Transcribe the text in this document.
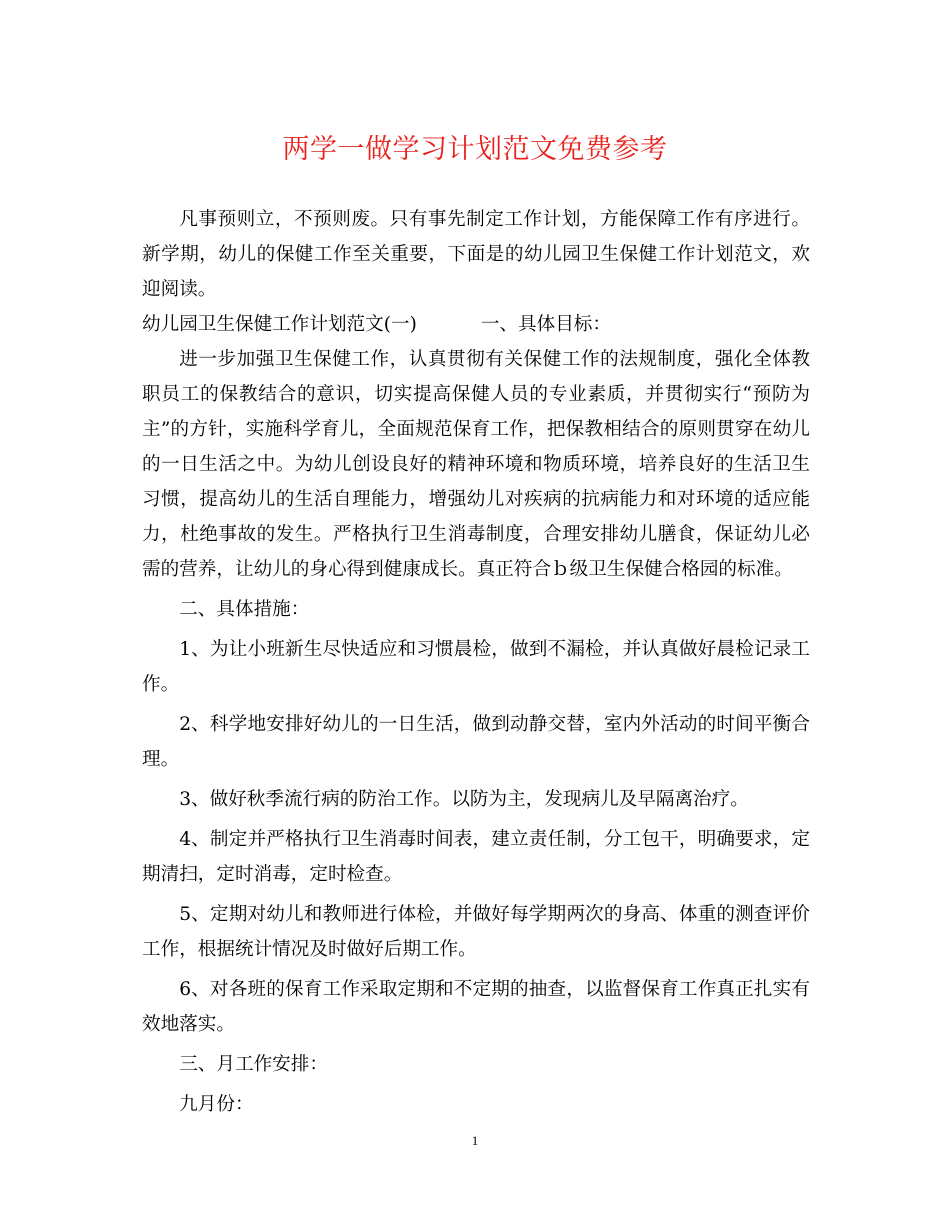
两学一做学习计划范文免费参考

凡事预则立，不预则废。只有事先制定工作计划，方能保障工作有序进行。新学期，幼儿的保健工作至关重要，下面是的幼儿园卫生保健工作计划范文，欢迎阅读。

幼儿园卫生保健工作计划范文(一)	一、具体目标：

进一步加强卫生保健工作，认真贯彻有关保健工作的法规制度，强化全体教职员工的保教结合的意识，切实提高保健人员的专业素质，并贯彻实行“预防为主”的方针，实施科学育儿，全面规范保育工作，把保教相结合的原则贯穿在幼儿的一日生活之中。为幼儿创设良好的精神环境和物质环境，培养良好的生活卫生习惯，提高幼儿的生活自理能力，增强幼儿对疾病的抗病能力和对环境的适应能力，杜绝事故的发生。严格执行卫生消毒制度，合理安排幼儿膳食，保证幼儿必需的营养，让幼儿的身心得到健康成长。真正符合ｂ级卫生保健合格园的标准。

二、具体措施：

1、为让小班新生尽快适应和习惯晨检，做到不漏检，并认真做好晨检记录工作。

2、科学地安排好幼儿的一日生活，做到动静交替，室内外活动的时间平衡合理。

3、做好秋季流行病的防治工作。以防为主，发现病儿及早隔离治疗。

4、制定并严格执行卫生消毒时间表，建立责任制，分工包干，明确要求，定期清扫，定时消毒，定时检查。

5、定期对幼儿和教师进行体检，并做好每学期两次的身高、体重的测查评价工作，根据统计情况及时做好后期工作。

6、对各班的保育工作采取定期和不定期的抽查，以监督保育工作真正扎实有效地落实。

三、月工作安排：

九月份：

1
